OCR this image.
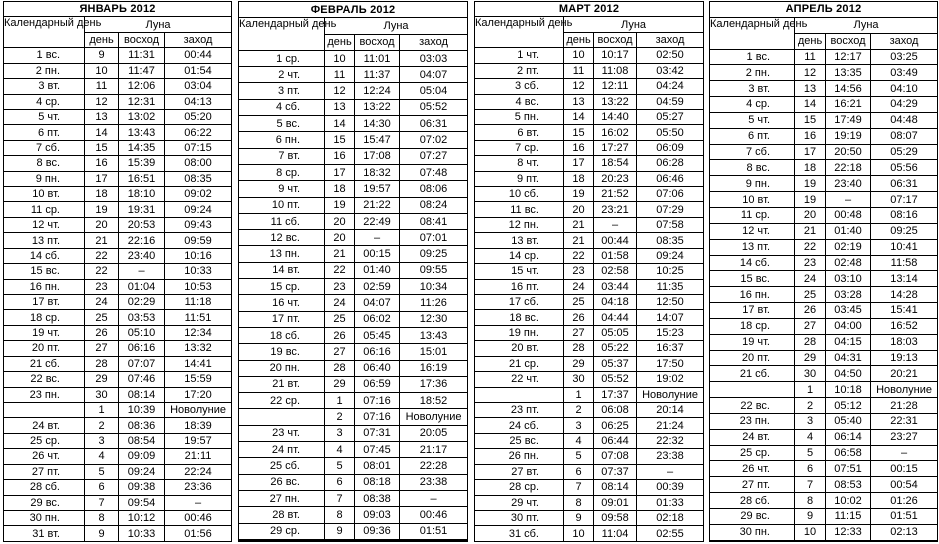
ЯНВАРЬ 2012			
Календарный день	Луна		
	день	восход	заход
1 вс.	9	11:31	00:44
2 пн.	10	11:47	01:54
3 вт.	11	12:06	03:04
4 ср.	12	12:31	04:13
5 чт.	13	13:02	05:20
6 пт.	14	13:43	06:22
7 сб.	15	14:35	07:15
8 вс.	16	15:39	08:00
9 пн.	17	16:51	08:35
10 вт.	18	18:10	09:02
11 ср.	19	19:31	09:24
12 чт.	20	20:53	09:43
13 пт.	21	22:16	09:59
14 сб.	22	23:40	10:16
15 вс.	22	–	10:33
16 пн.	23	01:04	10:53
17 вт.	24	02:29	11:18
18 ср.	25	03:53	11:51
19 чт.	26	05:10	12:34
20 пт.	27	06:16	13:32
21 сб.	28	07:07	14:41
22 вс.	29	07:46	15:59
23 пн.	30	08:14	17:20
	1	10:39	Новолуние
24 вт.	2	08:36	18:39
25 ср.	3	08:54	19:57
26 чт.	4	09:09	21:11
27 пт.	5	09:24	22:24
28 сб.	6	09:38	23:36
29 вс.	7	09:54	–
30 пн.	8	10:12	00:46
31 вт.	9	10:33	01:56
ФЕВРАЛЬ 2012			
Календарный день	Луна		
	день	восход	заход
1 ср.	10	11:01	03:03
2 чт.	11	11:37	04:07
3 пт.	12	12:24	05:04
4 сб.	13	13:22	05:52
5 вс.	14	14:30	06:31
6 пн.	15	15:47	07:02
7 вт.	16	17:08	07:27
8 ср.	17	18:32	07:48
9 чт.	18	19:57	08:06
10 пт.	19	21:22	08:24
11 сб.	20	22:49	08:41
12 вс.	20	–	07:01
13 пн.	21	00:15	09:25
14 вт.	22	01:40	09:55
15 ср.	23	02:59	10:34
16 чт.	24	04:07	11:26
17 пт.	25	06:02	12:30
18 сб.	26	05:45	13:43
19 вс.	27	06:16	15:01
20 пн.	28	06:40	16:19
21 вт.	29	06:59	17:36
22 ср.	1	07:16	18:52
	2	07:16	Новолуние
23 чт.	3	07:31	20:05
24 пт.	4	07:45	21:17
25 сб.	5	08:01	22:28
26 вс.	6	08:18	23:38
27 пн.	7	08:38	–
28 вт.	8	09:03	00:46
29 ср.	9	09:36	01:51

МАРТ 2012			
Календарный день	Луна		
	день	восход	заход
1 чт.	10	10:17	02:50
2 пт.	11	11:08	03:42
3 сб.	12	12:11	04:24
4 вс.	13	13:22	04:59
5 пн.	14	14:40	05:27
6 вт.	15	16:02	05:50
7 ср.	16	17:27	06:09
8 чт.	17	18:54	06:28
9 пт.	18	20:23	06:46
10 сб.	19	21:52	07:06
11 вс.	20	23:21	07:29
12 пн.	21	–	07:58
13 вт.	21	00:44	08:35
14 ср.	22	01:58	09:24
15 чт.	23	02:58	10:25
16 пт.	24	03:44	11:35
17 сб.	25	04:18	12:50
18 вс.	26	04:44	14:07
19 пн.	27	05:05	15:23
20 вт.	28	05:22	16:37
21 ср.	29	05:37	17:50
22 чт.	30	05:52	19:02
	1	17:37	Новолуние
23 пт.	2	06:08	20:14
24 сб.	3	06:25	21:24
25 вс.	4	06:44	22:32
26 пн.	5	07:08	23:38
27 вт.	6	07:37	–
28 ср.	7	08:14	00:39
29 чт.	8	09:01	01:33
30 пт.	9	09:58	02:18
31 сб.	10	11:04	02:55
АПРЕЛЬ 2012			
Календарный день	Луна		
	день	восход	заход
1 вс.	11	12:17	03:25
2 пн.	12	13:35	03:49
3 вт.	13	14:56	04:10
4 ср.	14	16:21	04:29
5 чт.	15	17:49	04:48
6 пт.	16	19:19	08:07
7 сб.	17	20:50	05:29
8 вс.	18	22:18	05:56
9 пн.	19	23:40	06:31
10 вт.	19	–	07:17
11 ср.	20	00:48	08:16
12 чт.	21	01:40	09:25
13 пт.	22	02:19	10:41
14 сб.	23	02:48	11:58
15 вс.	24	03:10	13:14
16 пн.	25	03:28	14:28
17 вт.	26	03:45	15:41
18 ср.	27	04:00	16:52
19 чт.	28	04:15	18:03
20 пт.	29	04:31	19:13
21 сб.	30	04:50	20:21
	1	10:18	Новолуние
22 вс.	2	05:12	21:28
23 пн.	3	05:40	22:31
24 вт.	4	06:14	23:27
25 ср.	5	06:58	–
26 чт.	6	07:51	00:15
27 пт.	7	08:53	00:54
28 сб.	8	10:02	01:26
29 вс.	9	11:15	01:51
30 пн.	10	12:33	02:13
